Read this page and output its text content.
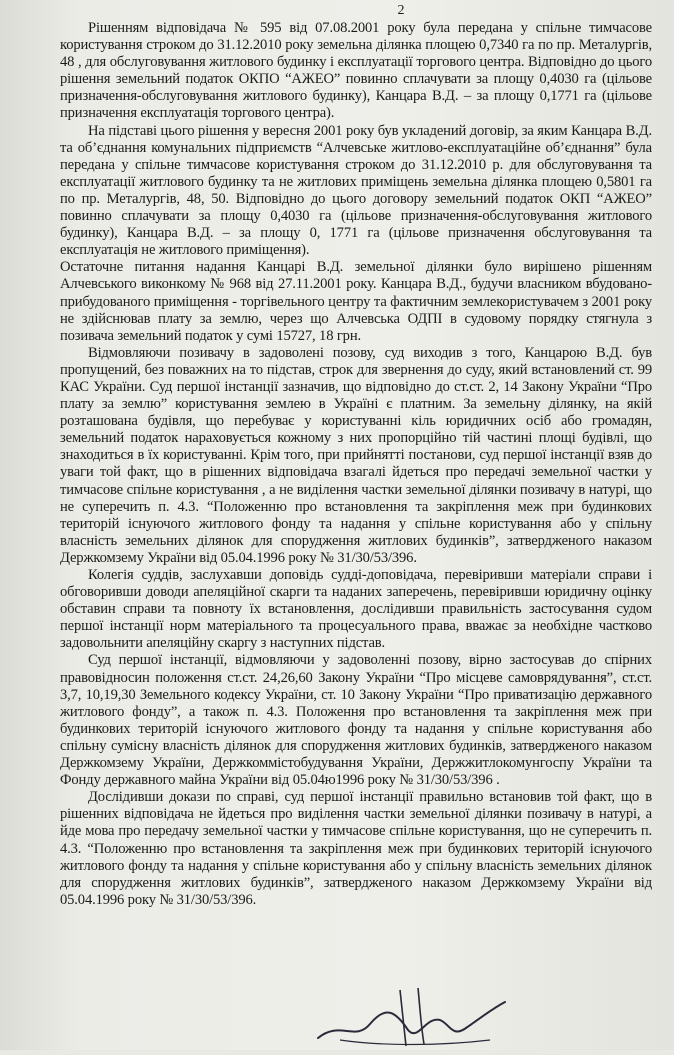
2

Рішенням відповідача № 595 від 07.08.2001 року була передана у спільне тимчасове користування строком до 31.12.2010 року земельна ділянка площею 0,7340 га по пр. Металургів, 48 , для обслуговування житлового будинку і експлуатації торгового центра. Відповідно до цього рішення земельний податок ОКПО “АЖЕО” повинно сплачувати за площу 0,4030 га (цільове призначення-обслуговування житлового будинку), Канцара В.Д. – за площу 0,1771 га (цільове призначення експлуатація торгового центра).

На підставі цього рішення у вересня 2001 року був укладений договір, за яким Канцара В.Д. та об’єднання комунальних підприємств “Алчевське житлово-експлуатаційне об’єднання” була передана у спільне тимчасове користування строком до 31.12.2010 р. для обслуговування та експлуатації житлового будинку та не житлових приміщень земельна ділянка площею 0,5801 га по пр. Металургів, 48, 50. Відповідно до цього договору земельний податок ОКП “АЖЕО” повинно сплачувати за площу 0,4030 га (цільове призначення-обслуговування житлового будинку), Канцара В.Д. – за площу 0, 1771 га (цільове призначення обслуговування та експлуатація не житлового приміщення).

Остаточне питання надання Канцарі В.Д. земельної ділянки було вирішено рішенням Алчевського виконкому № 968 від 27.11.2001 року. Канцара В.Д., будучи власником вбудовано-прибудованого приміщення - торгівельного центру та фактичним землекористувачем з 2001 року не здійснював плату за землю, через що Алчевська ОДПІ в судовому порядку стягнула з позивача земельний податок у сумі 15727, 18 грн.

Відмовляючи позивачу в задоволені позову, суд виходив з того, Канцарою В.Д. був пропущений, без поважних на то підстав, строк для звернення до суду, який встановлений ст. 99 КАС України. Суд першої інстанції зазначив, що відповідно до ст.ст. 2, 14 Закону України “Про плату за землю” користування землею в Україні є платним. За земельну ділянку, на якій розташована будівля, що перебуває у користуванні кіль юридичних осіб або громадян, земельний податок нараховується кожному з них пропорційно тій частині площі будівлі, що знаходиться в їх користуванні. Крім того, при прийнятті постанови, суд першої інстанції взяв до уваги той факт, що в рішенних відповідача взагалі йдеться про передачі земельної частки у тимчасове спільне користування , а не виділення частки земельної ділянки позивачу в натурі, що не суперечить п. 4.3. “Положенню про встановлення та закріплення меж при будинкових територій існуючого житлового фонду та надання у спільне користування або у спільну власність земельних ділянок для спорудження житлових будинків”, затвердженого наказом Держкомзему України від 05.04.1996 року № 31/30/53/396.

Колегія суддів, заслухавши доповідь судді-доповідача, перевіривши матеріали справи і обговоривши доводи апеляційної скарги та наданих заперечень, перевіривши юридичну оцінку обставин справи та повноту їх встановлення, дослідивши правильність застосування судом першої інстанції норм матеріального та процесуального права, вважає за необхідне частково задовольнити апеляційну скаргу з наступних підстав.

Суд першої інстанції, відмовляючи у задоволенні позову, вірно застосував до спірних правовідносин положення ст.ст. 24,26,60 Закону України “Про місцеве самоврядування”, ст.ст. 3,7, 10,19,30 Земельного кодексу України, ст. 10 Закону України “Про приватизацію державного житлового фонду”, а також п. 4.3. Положення про встановлення та закріплення меж при будинкових територій існуючого житлового фонду та надання у спільне користування або спільну сумісну власність ділянок для спорудження житлових будинків, затвердженого наказом Держкомзему України, Держкоммістобудування України, Держжитлокомунгоспу України та Фонду державного майна України від 05.04ю1996 року № 31/30/53/396 .

Дослідивши докази по справі, суд першої інстанції правильно встановив той факт, що в рішенних відповідача не йдеться про виділення частки земельної ділянки позивачу в натурі, а йде мова про передачу земельної частки у тимчасове спільне користування, що не суперечить п. 4.3. “Положенню про встановлення та закріплення меж при будинкових територій існуючого житлового фонду та надання у спільне користування або у спільну власність земельних ділянок для спорудження житлових будинків”, затвердженого наказом Держкомзему України від 05.04.1996 року № 31/30/53/396.
